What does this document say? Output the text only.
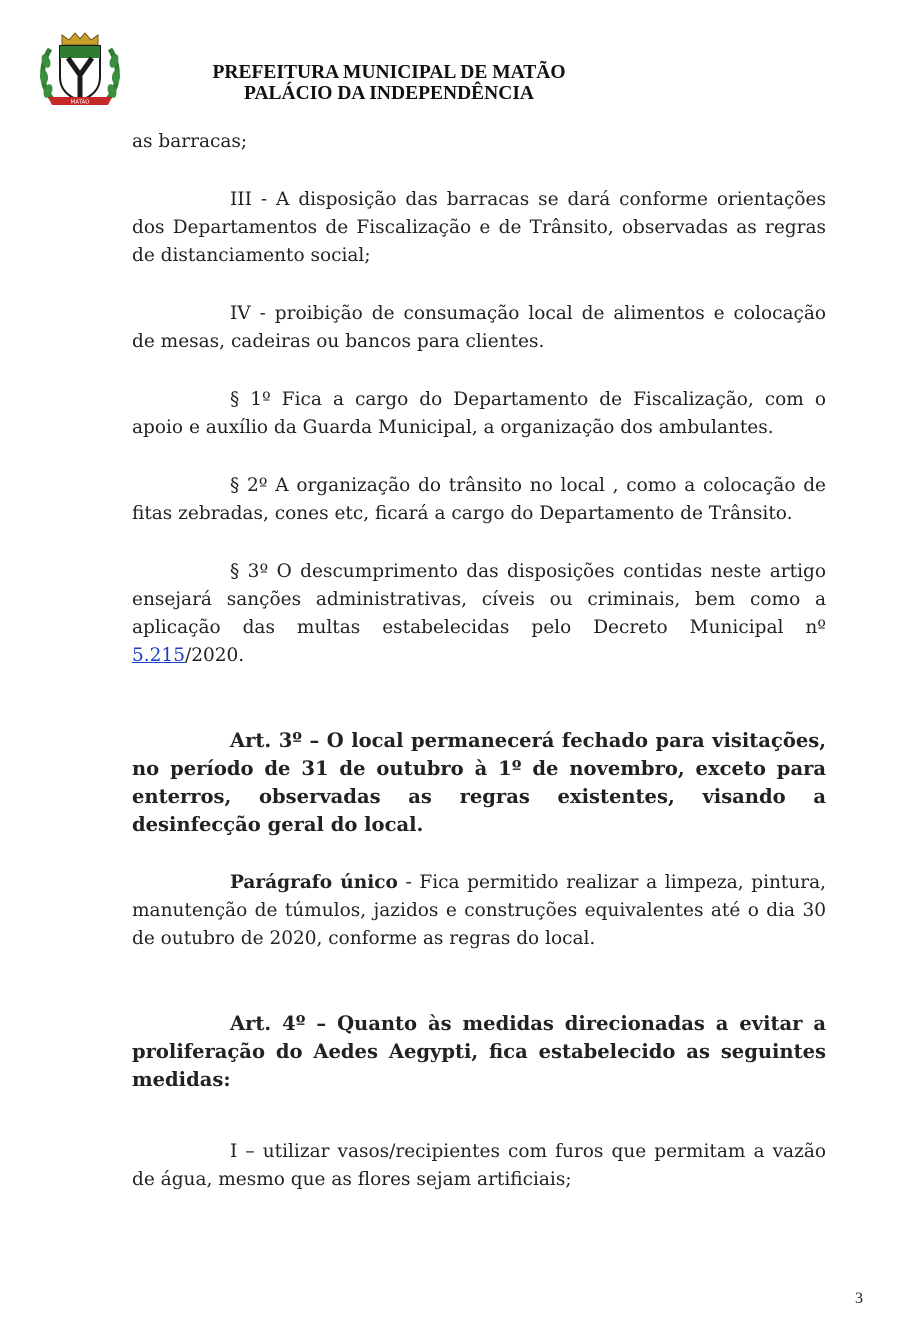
MATÃO
PREFEITURA MUNICIPAL DE MATÃO
PALÁCIO DA INDEPENDÊNCIA

as barracas;

III - A disposição das barracas se dará conforme orientações dos Departamentos de Fiscalização e de Trânsito, observadas as regras de distanciamento social;

IV - proibição de consumação local de alimentos e colocação de mesas, cadeiras ou bancos para clientes.

§ 1º Fica a cargo do Departamento de Fiscalização, com o apoio e auxílio da Guarda Municipal, a organização dos ambulantes.

§ 2º A organização do trânsito no local , como a colocação de fitas zebradas, cones etc, ficará a cargo do Departamento de Trânsito.

§ 3º O descumprimento das disposições contidas neste artigo ensejará sanções administrativas, cíveis ou criminais, bem como a aplicação das multas estabelecidas pelo Decreto Municipal nº 5.215/2020.

Art. 3º – O local permanecerá fechado para visitações, no período de 31 de outubro à 1º de novembro, exceto para enterros, observadas as regras existentes, visando a desinfecção geral do local.

Parágrafo único - Fica permitido realizar a limpeza, pintura, manutenção de túmulos, jazidos e construções equivalentes até o dia 30 de outubro de 2020, conforme as regras do local.

Art. 4º – Quanto às medidas direcionadas a evitar a proliferação do Aedes Aegypti, fica estabelecido as seguintes medidas:

I – utilizar vasos/recipientes com furos que permitam a vazão de água, mesmo que as flores sejam artificiais;

3
